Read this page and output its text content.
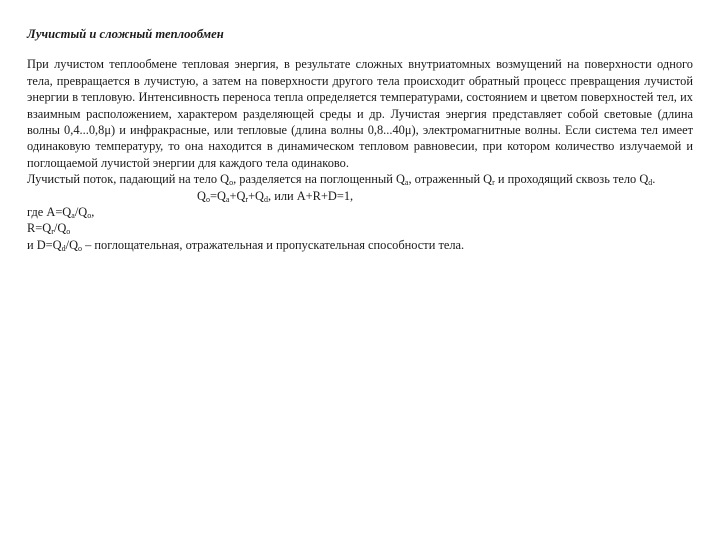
Лучистый и сложный теплообмен

При лучистом теплообмене тепловая энергия, в результате сложных внутриатомных возмущений на поверхности одного тела, превращается в лучистую, а затем на поверхности другого тела происходит обратный процесс превращения лучистой энергии в тепловую. Интенсивность переноса тепла определяется температурами, состоянием и цветом поверхностей тел, их взаимным расположением, характером разделяющей среды и др. Лучистая энергия представляет собой световые (длина волны 0,4...0,8μ) и инфракрасные, или тепловые (длина волны 0,8...40μ), электромагнитные волны. Если система тел имеет одинаковую температуру, то она находится в динамическом тепловом равновесии, при котором количество излучаемой и поглощаемой лучистой энергии для каждого тела одинаково.

Лучистый поток, падающий на тело $Q_o$, разделяется на поглощенный $Q_a$, отраженный $Q_r$ и проходящий сквозь тело $Q_d$.

$Q_o=Q_a+Q_r+Q_d$, или A+R+D=1,

где $A=Q_a/Q_o$,

$R=Q_r/Q_o$

и $D=Q_d/Q_o$ – поглощательная, отражательная и пропускательная способности тела.
